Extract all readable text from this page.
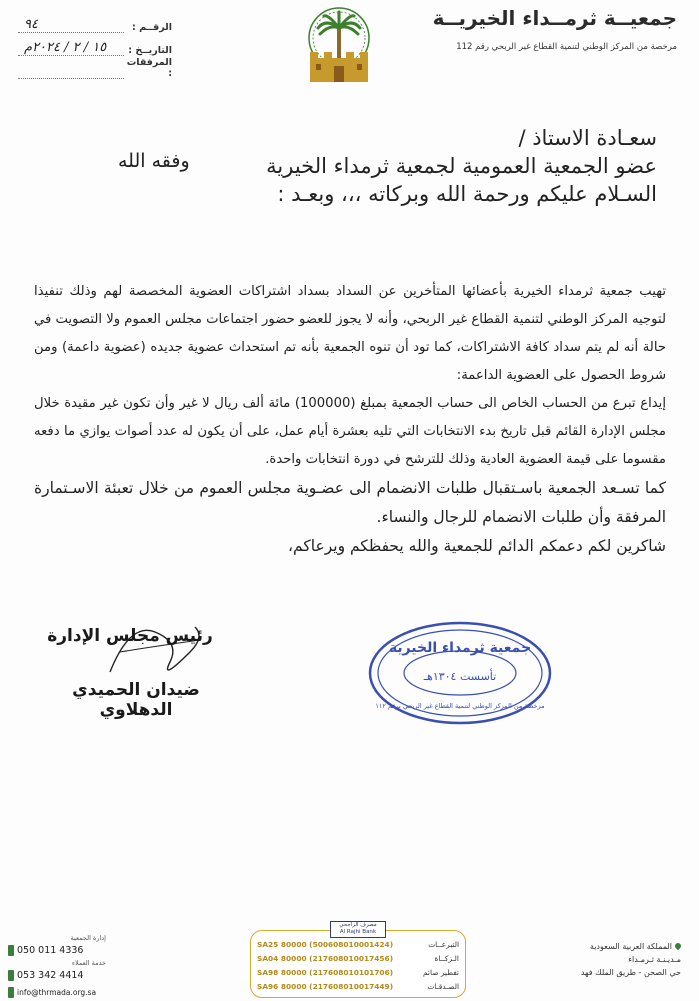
جمعيــة ثرمــداء الخيريــة
مرخصة من المركز الوطني لتنمية القطاع غير الربحي رقم 112
الرقــم :
٩٤
التاريــخ :
١٥ / ٢ / ٢٠٢٤م
المرفقات :
سعـادة الاستاذ /
عضو الجمعية العمومية لجمعية ثرمداء الخيرية
السـلام عليكم ورحمة الله وبركاته ،،، وبعـد :
وفقه الله

تهيب جمعية ثرمداء الخيرية بأعضائها المتأخرين عن السداد بسداد اشتراكات العضوية المخصصة لهم وذلك تنفيذا لتوجيه المركز الوطني لتنمية القطاع غير الربحي، وأنه لا يجوز للعضو حضور اجتماعات مجلس العموم ولا التصويت في حالة أنه لم يتم سداد كافة الاشتراكات، كما تود أن تنوه الجمعية بأنه تم استحداث عضوية جديده (عضوية داعمة) ومن شروط الحصول على العضوية الداعمة:

إيداع تبرع من الحساب الخاص الى حساب الجمعية بمبلغ (100000) مائة ألف ريال لا غير وأن تكون غير مقيدة خلال مجلس الإدارة القائم قبل تاريخ بدء الانتخابات التي تليه بعشرة أيام عمل، على أن يكون له عدد أصوات يوازي ما دفعه مقسوما على قيمة العضوية العادية وذلك للترشح في دورة انتخابات واحدة.

كما تسـعد الجمعية باسـتقبال طلبات الانضمام الى عضـوية مجلس العموم من خلال تعبئة الاسـتمارة المرفقة وأن طلبات الانضمام للرجال والنساء.

شاكرين لكم دعمكم الدائم للجمعية والله يحفظكم ويرعاكم،

رئيس مجلس الإدارة
ضيدان الحميدي الدهلاوي
جمعية ثرمداء الخيرية
تأسست ١٣٠٤هـ
مرخصة من المركز الوطني لتنمية القطاع غير الربحي برقم ١١٢
إدارة الجمعية
050 011 4336
خدمة العملاء
053 342 4414
info@thrmada.org.sa
SA25 80000 (500608010001424)	التبرعــات
SA04 80000 (217608010017456)	الـزكــاة
SA98 80000 (217608010101706)	تفطير صائم
SA96 80000 (217608010017449)	الصـدقـات
مصرف الراجحي
Al Rajhi Bank
المملكة العربية السعودية
مـديـنـة ثـرمـداء
حي الصحن - طريق الملك فهد
